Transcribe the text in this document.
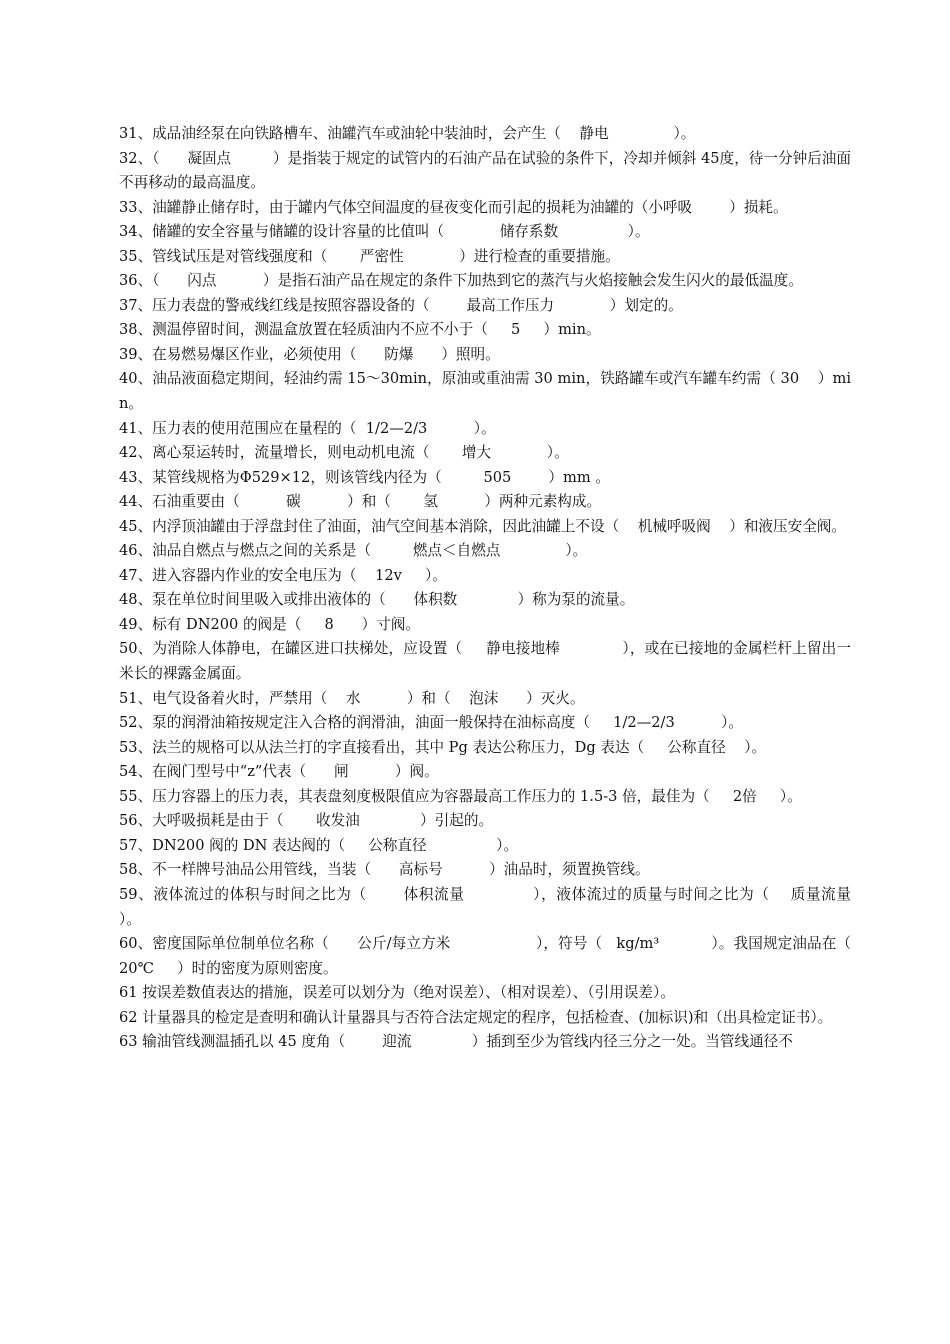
31、成品油经泵在向铁路槽车、油罐汽车或油轮中装油时，会产生（    静电              ）。

32、（      凝固点         ）是指装于规定的试管内的石油产品在试验的条件下，冷却并倾斜 45度，待一分钟后油面不再移动的最高温度。

33、油罐静止储存时，由于罐内气体空间温度的昼夜变化而引起的损耗为油罐的（小呼吸        ）损耗。

34、储罐的安全容量与储罐的设计容量的比值叫（            储存系数               ）。

35、管线试压是对管线强度和（       严密性            ）进行检查的重要措施。

36、（      闪点          ）是指石油产品在规定的条件下加热到它的蒸汽与火焰接触会发生闪火的最低温度。

37、压力表盘的警戒线红线是按照容器设备的（        最高工作压力            ）划定的。

38、测温停留时间，测温盒放置在轻质油内不应不小于（     5     ）min。

39、在易燃易爆区作业，必须使用（      防爆      ）照明。

40、油品液面稳定期间，轻油约需 15～30min，原油或重油需 30 min，铁路罐车或汽车罐车约需（ 30    ）min。

41、压力表的使用范围应在量程的（  1/2—2/3          ）。

42、离心泵运转时，流量增长，则电动机电流（       增大            ）。

43、某管线规格为Φ529×12，则该管线内径为（         505        ）mm 。

44、石油重要由（          碳          ）和（       氢          ）两种元素构成。

45、内浮顶油罐由于浮盘封住了油面，油气空间基本消除，因此油罐上不设（    机械呼吸阀    ）和液压安全阀。

46、油品自燃点与燃点之间的关系是（         燃点＜自燃点              ）。

47、进入容器内作业的安全电压为（    12v     ）。

48、泵在单位时间里吸入或排出液体的（      体积数             ）称为泵的流量。

49、标有 DN200 的阀是（     8      ）寸阀。

50、为消除人体静电，在罐区进口扶梯处，应设置（     静电接地棒             ），或在已接地的金属栏杆上留出一米长的裸露金属面。

51、电气设备着火时，严禁用（    水          ）和（    泡沫      ）灭火。

52、泵的润滑油箱按规定注入合格的润滑油，油面一般保持在油标高度（     1/2—2/3          ）。

53、法兰的规格可以从法兰打的字直接看出，其中 Pg 表达公称压力，Dg 表达（     公称直径    ）。

54、在阀门型号中“z”代表（      闸          ）阀。

55、压力容器上的压力表，其表盘刻度极限值应为容器最高工作压力的 1.5-3 倍，最佳为（     2倍     ）。

56、大呼吸损耗是由于（       收发油             ）引起的。

57、DN200 阀的 DN 表达阀的（     公称直径               ）。

58、不一样牌号油品公用管线，当装（      高标号          ）油品时，须置换管线。

59、液体流过的体积与时间之比为（       体积流量             ），液体流过的质量与时间之比为（    质量流量          ）。

60、密度国际单位制单位名称（      公斤/每立方米                  ），符号（   kg/m³           ）。我国规定油品在（      20℃     ）时的密度为原则密度。

61 按误差数值表达的措施，误差可以划分为（绝对误差）、（相对误差）、（引用误差）。

62 计量器具的检定是查明和确认计量器具与否符合法定规定的程序，包括检查、(加标识)和（出具检定证书）。

63 输油管线测温插孔以 45 度角（        迎流             ）插到至少为管线内径三分之一处。当管线通径不
